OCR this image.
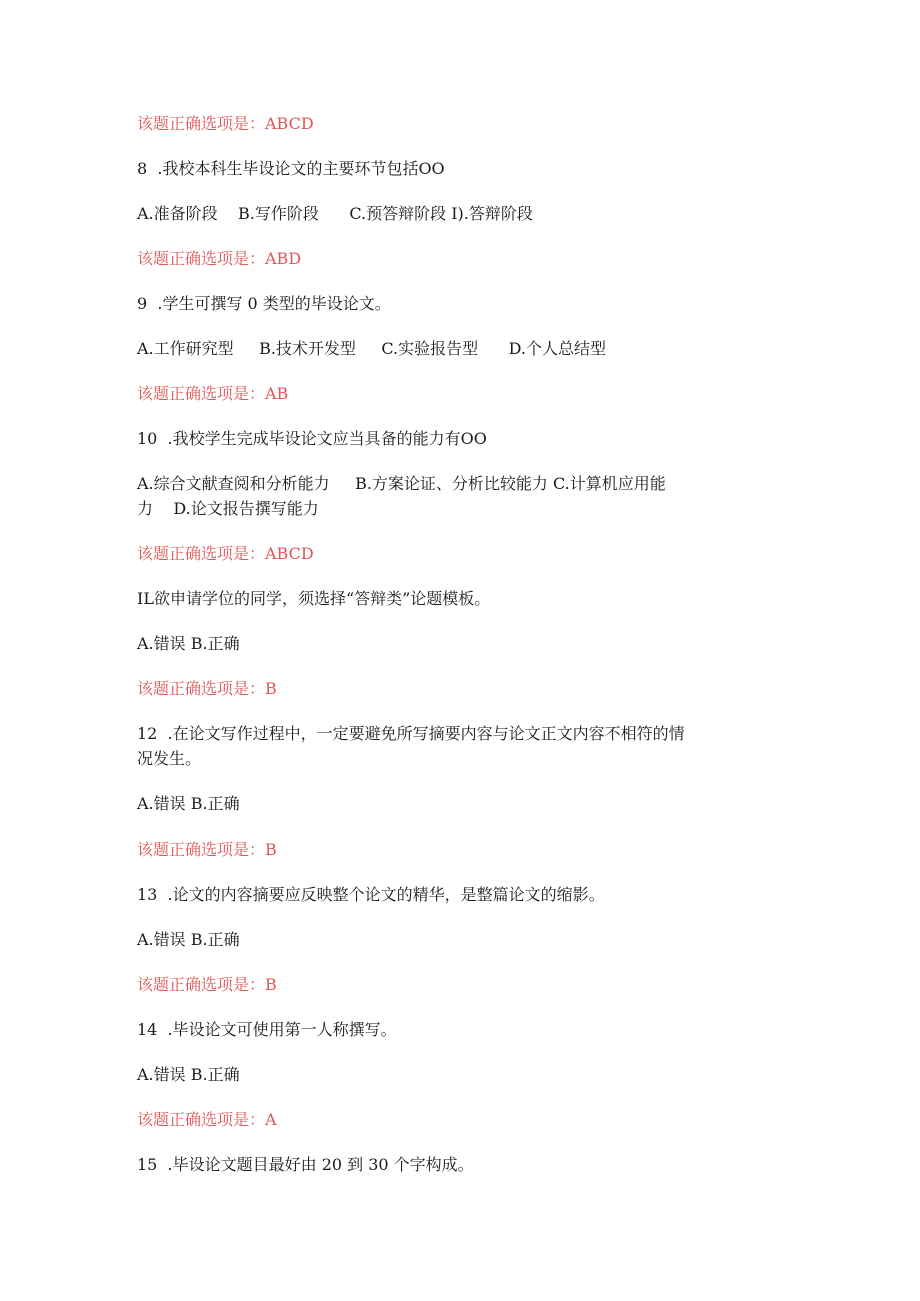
该题正确选项是：ABCD
8  .我校本科生毕设论文的主要环节包括OO
A.准备阶段    B.写作阶段      C.预答辩阶段 I).答辩阶段
该题正确选项是：ABD
9  .学生可撰写 0 类型的毕设论文。
A.工作研究型     B.技术开发型     C.实验报告型      D.个人总结型
该题正确选项是：AB
10  .我校学生完成毕设论文应当具备的能力有OO
A.综合文献查阅和分析能力     B.方案论证、分析比较能力 C.计算机应用能
力    D.论文报告撰写能力
该题正确选项是：ABCD
IL欲申请学位的同学，须选择“答辩类”论题模板。
A.错误 B.正确
该题正确选项是：B
12  .在论文写作过程中，一定要避免所写摘要内容与论文正文内容不相符的情
况发生。
A.错误 B.正确
该题正确选项是：B
13  .论文的内容摘要应反映整个论文的精华，是整篇论文的缩影。
A.错误 B.正确
该题正确选项是：B
14  .毕设论文可使用第一人称撰写。
A.错误 B.正确
该题正确选项是：A
15  .毕设论文题目最好由 20 到 30 个字构成。
